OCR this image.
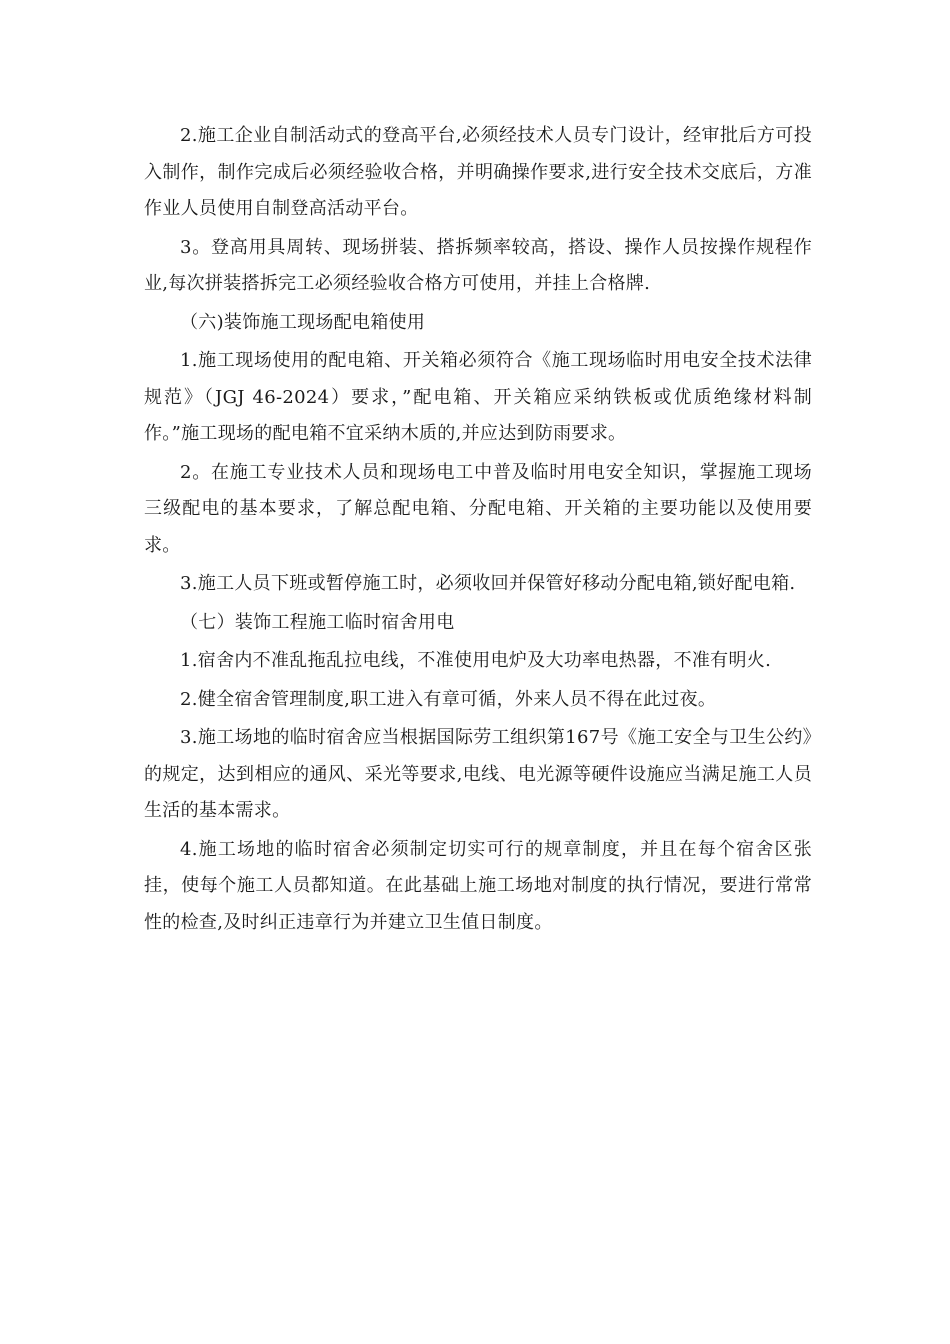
2.施工企业自制活动式的登高平台,必须经技术人员专门设计，经审批后方可投入制作，制作完成后必须经验收合格，并明确操作要求,进行安全技术交底后，方准作业人员使用自制登高活动平台。

3。登高用具周转、现场拼装、搭拆频率较高，搭设、操作人员按操作规程作业,每次拼装搭拆完工必须经验收合格方可使用，并挂上合格牌.

（六)装饰施工现场配电箱使用

1.施工现场使用的配电箱、开关箱必须符合《施工现场临时用电安全技术法律规范》（JGJ 46-2024）要求，”配电箱、开关箱应采纳铁板或优质绝缘材料制作。”施工现场的配电箱不宜采纳木质的,并应达到防雨要求。

2。在施工专业技术人员和现场电工中普及临时用电安全知识，掌握施工现场三级配电的基本要求，了解总配电箱、分配电箱、开关箱的主要功能以及使用要求。

3.施工人员下班或暂停施工时，必须收回并保管好移动分配电箱,锁好配电箱.

（七）装饰工程施工临时宿舍用电

1.宿舍内不准乱拖乱拉电线，不准使用电炉及大功率电热器，不准有明火.

2.健全宿舍管理制度,职工进入有章可循，外来人员不得在此过夜。

3.施工场地的临时宿舍应当根据国际劳工组织第167号《施工安全与卫生公约》的规定，达到相应的通风、采光等要求,电线、电光源等硬件设施应当满足施工人员生活的基本需求。

4.施工场地的临时宿舍必须制定切实可行的规章制度，并且在每个宿舍区张挂，使每个施工人员都知道。在此基础上施工场地对制度的执行情况，要进行常常性的检查,及时纠正违章行为并建立卫生值日制度。
